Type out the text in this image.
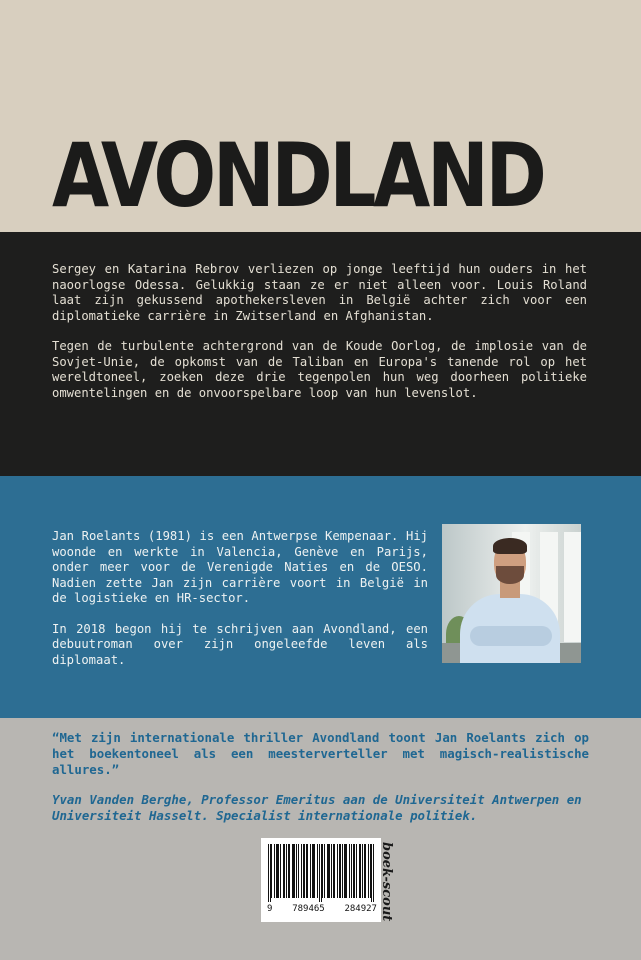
AVONDLAND

Sergey en Katarina Rebrov verliezen op jonge leeftijd hun ouders in het naoorlogse Odessa. Gelukkig staan ze er niet alleen voor. Louis Roland laat zijn gekussend apothekersleven in België achter zich voor een diplomatieke carrière in Zwitserland en Afghanistan.

Tegen de turbulente achtergrond van de Koude Oorlog, de implosie van de Sovjet-Unie, de opkomst van de Taliban en Europa's tanende rol op het wereldtoneel, zoeken deze drie tegenpolen hun weg doorheen politieke omwentelingen en de onvoorspelbare loop van hun levenslot.

Jan Roelants (1981) is een Antwerpse Kempenaar. Hij woonde en werkte in Valencia, Genève en Parijs, onder meer voor de Verenigde Naties en de OESO. Nadien zette Jan zijn carrière voort in België in de logistieke en HR-sector.

In 2018 begon hij te schrijven aan Avondland, een debuutroman over zijn ongeleefde leven als diplomaat.

“Met zijn internationale thriller Avondland toont Jan Roelants zich op het boekentoneel als een meesterverteller met magisch-realistische allures.”

Yvan Vanden Berghe, Professor Emeritus aan de Universiteit Antwerpen en Universiteit Hasselt. Specialist internationale politiek.

9 789465 284927 boek-scout
